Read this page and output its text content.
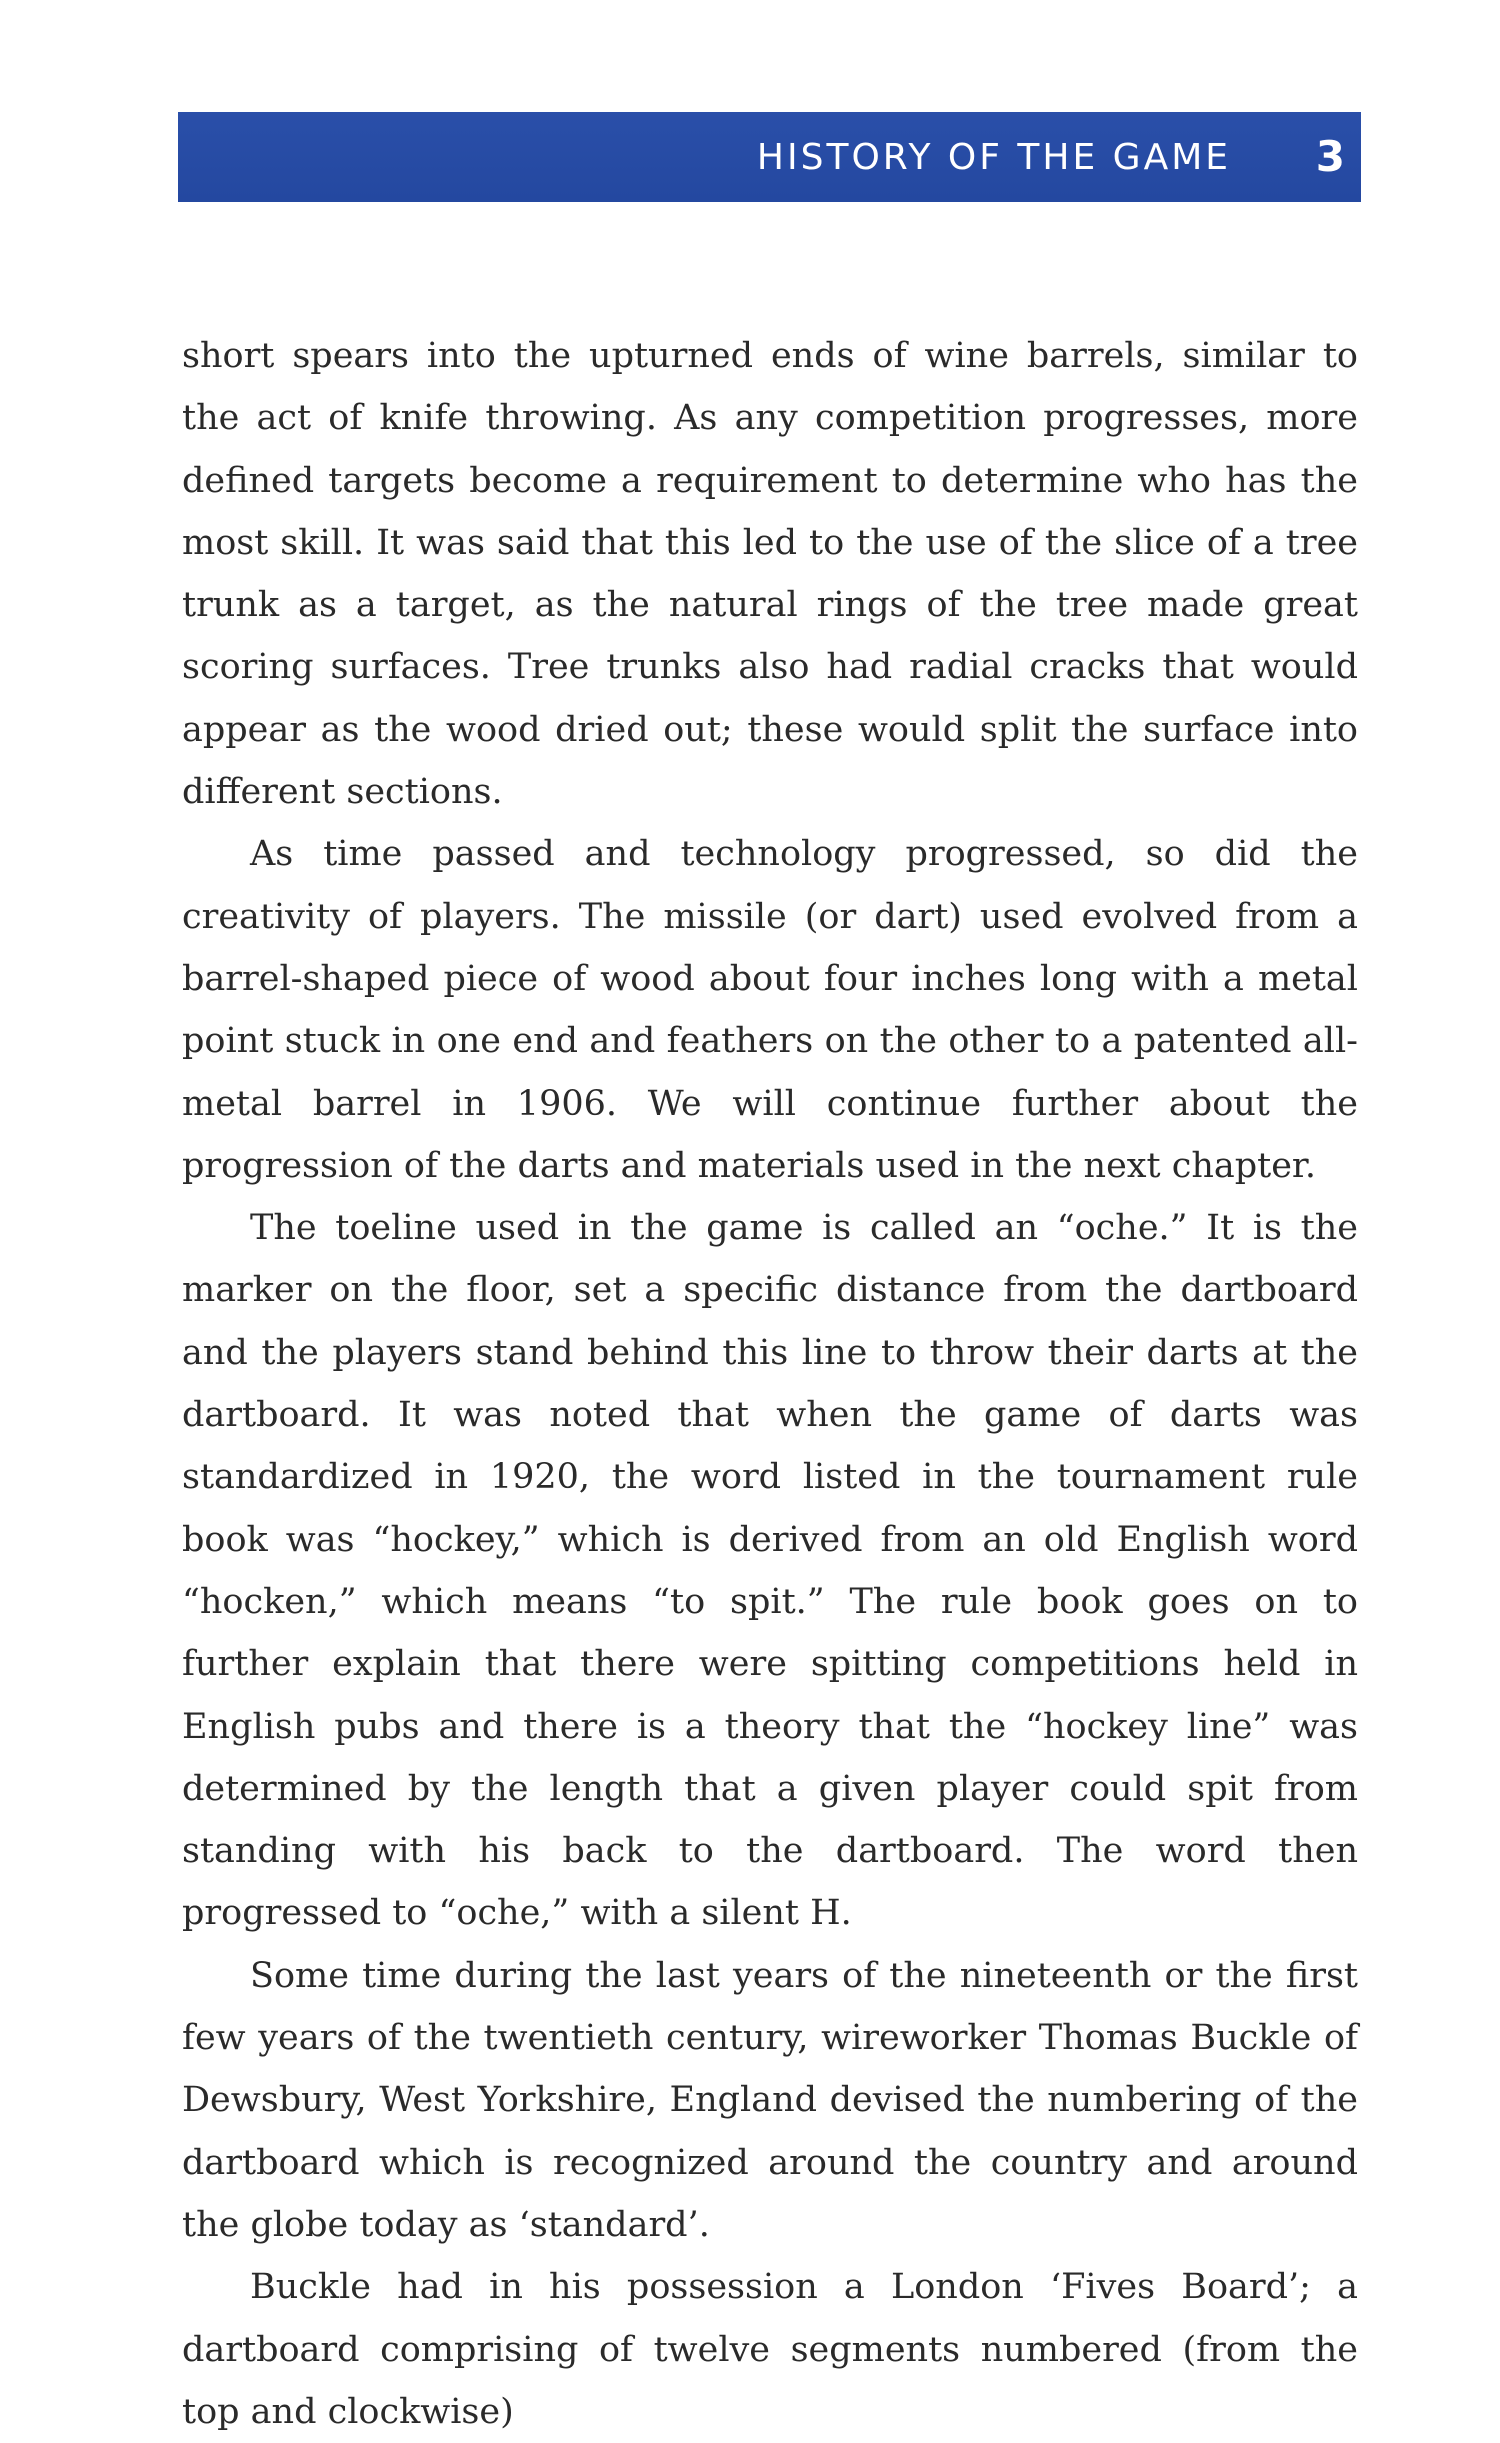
HISTORY OF THE GAME 3

short spears into the upturned ends of wine barrels, similar to the act of knife throwing. As any competition progresses, more defined targets become a requirement to determine who has the most skill. It was said that this led to the use of the slice of a tree trunk as a target, as the natural rings of the tree made great scoring surfaces. Tree trunks also had radial cracks that would appear as the wood dried out; these would split the surface into different sections.

As time passed and technology progressed, so did the creativity of players. The missile (or dart) used evolved from a barrel-shaped piece of wood about four inches long with a metal point stuck in one end and feathers on the other to a patented all-metal barrel in 1906. We will continue further about the progression of the darts and materials used in the next chapter.

The toeline used in the game is called an “oche.” It is the marker on the floor, set a specific distance from the dartboard and the players stand behind this line to throw their darts at the dartboard. It was noted that when the game of darts was standardized in 1920, the word listed in the tournament rule book was “hockey,” which is derived from an old English word “hocken,” which means “to spit.” The rule book goes on to further explain that there were spitting competitions held in English pubs and there is a theory that the “hockey line” was determined by the length that a given player could spit from standing with his back to the dartboard. The word then progressed to “oche,” with a silent H.

Some time during the last years of the nineteenth or the first few years of the twentieth century, wireworker Thomas Buckle of Dewsbury, West Yorkshire, England devised the numbering of the dartboard which is recognized around the country and around the globe today as ‘standard’.

Buckle had in his possession a London ‘Fives Board’; a dartboard comprising of twelve segments numbered (from the top and clockwise)
